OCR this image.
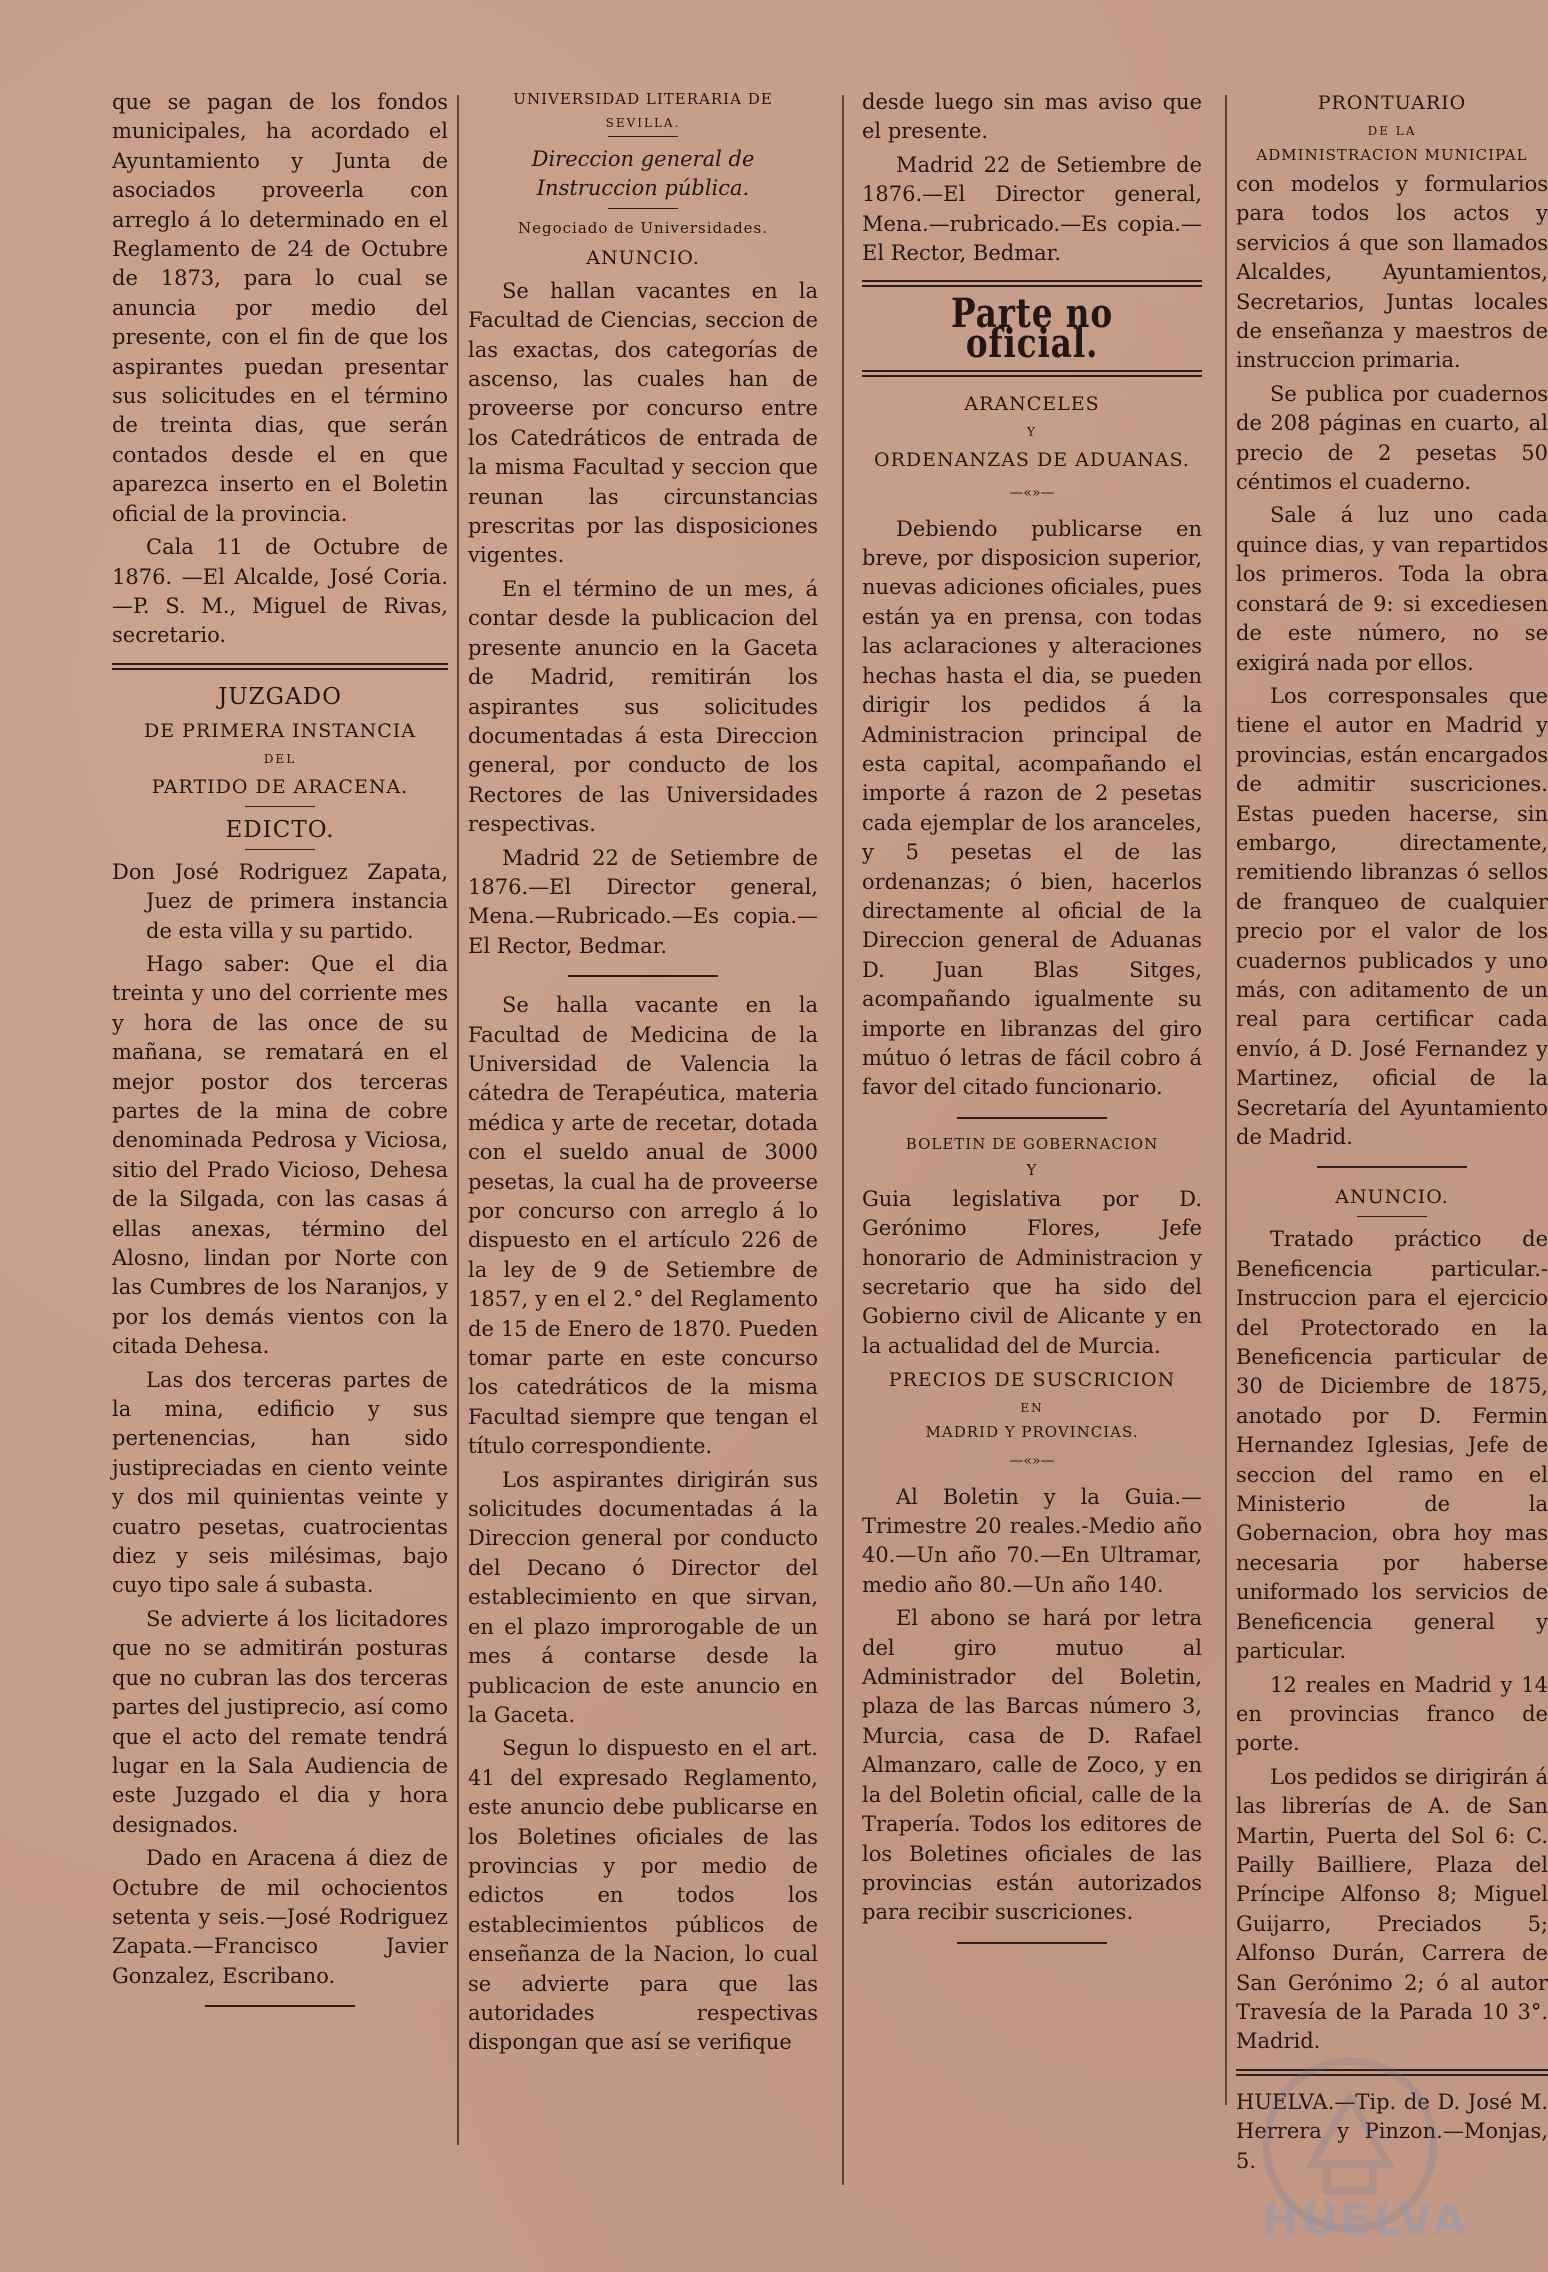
que se pagan de los fondos municipales, ha acordado el Ayuntamiento y Junta de asociados proveerla con arreglo á lo determinado en el Reglamento de 24 de Octubre de 1873, para lo cual se anuncia por medio del presente, con el fin de que los aspirantes puedan presentar sus solicitudes en el término de treinta dias, que serán contados desde el en que aparezca inserto en el Boletin oficial de la provincia.

Cala 11 de Octubre de 1876. —El Alcalde, José Coria.—P. S. M., Miguel de Rivas, secretario.

JUZGADO

DE PRIMERA INSTANCIA

DEL

PARTIDO DE ARACENA.

EDICTO.

Don José Rodriguez Zapata, Juez de primera instancia de esta villa y su partido.

Hago saber: Que el dia treinta y uno del corriente mes y hora de las once de su mañana, se rematará en el mejor postor dos terceras partes de la mina de cobre denominada Pedrosa y Viciosa, sitio del Prado Vicioso, Dehesa de la Silgada, con las casas á ellas anexas, término del Alosno, lindan por Norte con las Cumbres de los Naranjos, y por los demás vientos con la citada Dehesa.

Las dos terceras partes de la mina, edificio y sus pertenencias, han sido justipreciadas en ciento veinte y dos mil quinientas veinte y cuatro pesetas, cuatrocientas diez y seis milésimas, bajo cuyo tipo sale á subasta.

Se advierte á los licitadores que no se admitirán posturas que no cubran las dos terceras partes del justiprecio, así como que el acto del remate tendrá lugar en la Sala Audiencia de este Juzgado el dia y hora designados.

Dado en Aracena á diez de Octubre de mil ochocientos setenta y seis.—José Rodriguez Zapata.—Francisco Javier Gonzalez, Escribano.

UNIVERSIDAD LITERARIA DE

SEVILLA.

Direccion general de Instruccion pública.

Negociado de Universidades.

ANUNCIO.

Se hallan vacantes en la Facultad de Ciencias, seccion de las exactas, dos categorías de ascenso, las cuales han de proveerse por concurso entre los Catedráticos de entrada de la misma Facultad y seccion que reunan las circunstancias prescritas por las disposiciones vigentes.

En el término de un mes, á contar desde la publicacion del presente anuncio en la Gaceta de Madrid, remitirán los aspirantes sus solicitudes documentadas á esta Direccion general, por conducto de los Rectores de las Universidades respectivas.

Madrid 22 de Setiembre de 1876.—El Director general, Mena.—Rubricado.—Es copia.—El Rector, Bedmar.

Se halla vacante en la Facultad de Medicina de la Universidad de Valencia la cátedra de Terapéutica, materia médica y arte de recetar, dotada con el sueldo anual de 3000 pesetas, la cual ha de proveerse por concurso con arreglo á lo dispuesto en el artículo 226 de la ley de 9 de Setiembre de 1857, y en el 2.° del Reglamento de 15 de Enero de 1870. Pueden tomar parte en este concurso los catedráticos de la misma Facultad siempre que tengan el título correspondiente.

Los aspirantes dirigirán sus solicitudes documentadas á la Direccion general por conducto del Decano ó Director del establecimiento en que sirvan, en el plazo improrogable de un mes á contarse desde la publicacion de este anuncio en la Gaceta.

Segun lo dispuesto en el art. 41 del expresado Reglamento, este anuncio debe publicarse en los Boletines oficiales de las provincias y por medio de edictos en todos los establecimientos públicos de enseñanza de la Nacion, lo cual se advierte para que las autoridades respectivas dispongan que así se verifique

desde luego sin mas aviso que el presente.

Madrid 22 de Setiembre de 1876.—El Director general, Mena.—rubricado.—Es copia.—El Rector, Bedmar.

Parte no oficial.

ARANCELES

Y

ORDENANZAS DE ADUANAS.

—«»—

Debiendo publicarse en breve, por disposicion superior, nuevas adiciones oficiales, pues están ya en prensa, con todas las aclaraciones y alteraciones hechas hasta el dia, se pueden dirigir los pedidos á la Administracion principal de esta capital, acompañando el importe á razon de 2 pesetas cada ejemplar de los aranceles, y 5 pesetas el de las ordenanzas; ó bien, hacerlos directamente al oficial de la Direccion general de Aduanas D. Juan Blas Sitges, acompañando igualmente su importe en libranzas del giro mútuo ó letras de fácil cobro á favor del citado funcionario.

BOLETIN DE GOBERNACION

Y

Guia legislativa por D. Gerónimo Flores, Jefe honorario de Administracion y secretario que ha sido del Gobierno civil de Alicante y en la actualidad del de Murcia.

PRECIOS DE SUSCRICION

EN

MADRID Y PROVINCIAS.

—«»—

Al Boletin y la Guia.—Trimestre 20 reales.-Medio año 40.—Un año 70.—En Ultramar, medio año 80.—Un año 140.

El abono se hará por letra del giro mutuo al Administrador del Boletin, plaza de las Barcas número 3, Murcia, casa de D. Rafael Almanzaro, calle de Zoco, y en la del Boletin oficial, calle de la Trapería. Todos los editores de los Boletines oficiales de las provincias están autorizados para recibir suscriciones.

PRONTUARIO

DE LA

ADMINISTRACION MUNICIPAL

con modelos y formularios para todos los actos y servicios á que son llamados Alcaldes, Ayuntamientos, Secretarios, Juntas locales de enseñanza y maestros de instruccion primaria.

Se publica por cuadernos de 208 páginas en cuarto, al precio de 2 pesetas 50 céntimos el cuaderno.

Sale á luz uno cada quince dias, y van repartidos los primeros. Toda la obra constará de 9: si excediesen de este número, no se exigirá nada por ellos.

Los corresponsales que tiene el autor en Madrid y provincias, están encargados de admitir suscriciones. Estas pueden hacerse, sin embargo, directamente, remitiendo libranzas ó sellos de franqueo de cualquier precio por el valor de los cuadernos publicados y uno más, con aditamento de un real para certificar cada envío, á D. José Fernandez y Martinez, oficial de la Secretaría del Ayuntamiento de Madrid.

ANUNCIO.

Tratado práctico de Beneficencia particular.-Instruccion para el ejercicio del Protectorado en la Beneficencia particular de 30 de Diciembre de 1875, anotado por D. Fermin Hernandez Iglesias, Jefe de seccion del ramo en el Ministerio de la Gobernacion, obra hoy mas necesaria por haberse uniformado los servicios de Beneficencia general y particular.

12 reales en Madrid y 14 en provincias franco de porte.

Los pedidos se dirigirán á las librerías de A. de San Martin, Puerta del Sol 6: C. Pailly Bailliere, Plaza del Príncipe Alfonso 8; Miguel Guijarro, Preciados 5; Alfonso Durán, Carrera de San Gerónimo 2; ó al autor Travesía de la Parada 10 3°. Madrid.

HUELVA.—Tip. de D. José M. Herrera y Pinzon.—Monjas, 5.

HUELVA
